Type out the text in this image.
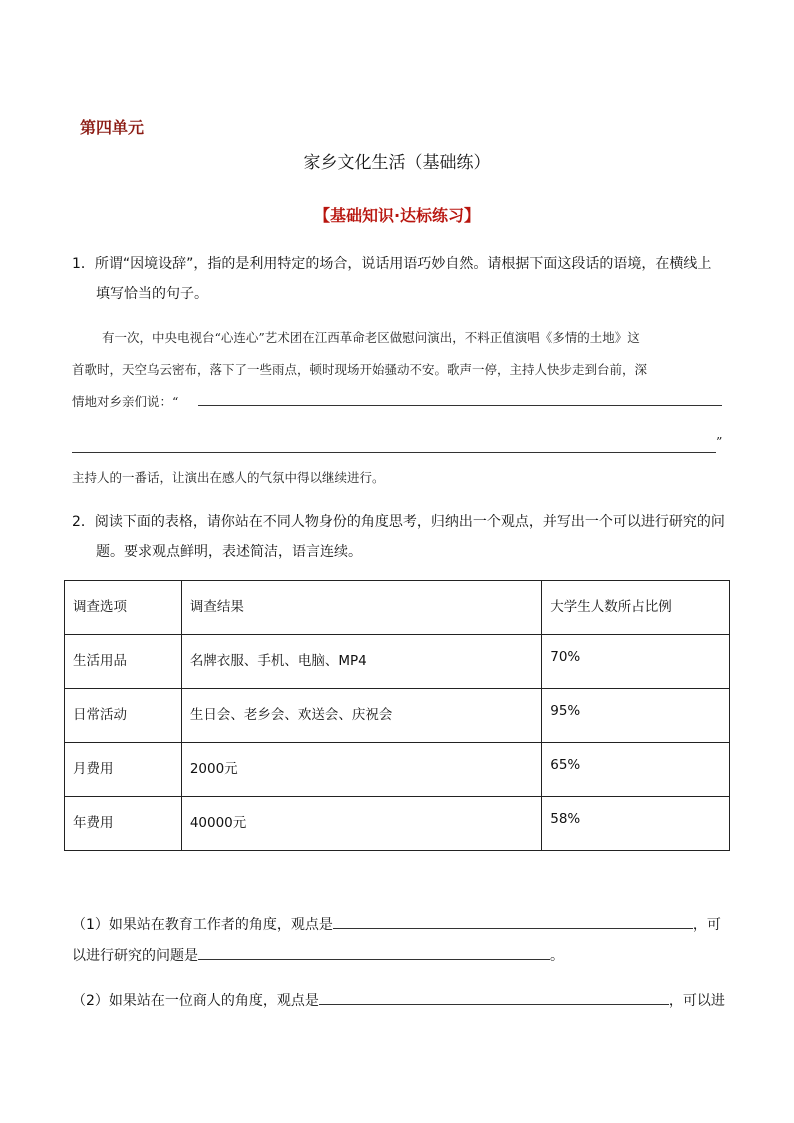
第四单元
家乡文化生活（基础练）
【基础知识·达标练习】
1．所谓“因境设辞”，指的是利用特定的场合，说话用语巧妙自然。请根据下面这段话的语境，在横线上
填写恰当的句子。
有一次，中央电视台“心连心”艺术团在江西革命老区做慰问演出，不料正值演唱《多情的土地》这
首歌时，天空乌云密布，落下了一些雨点，顿时现场开始骚动不安。歌声一停，主持人快步走到台前，深
情地对乡亲们说：“
”
主持人的一番话，让演出在感人的气氛中得以继续进行。
2．阅读下面的表格，请你站在不同人物身份的角度思考，归纳出一个观点，并写出一个可以进行研究的问
题。要求观点鲜明，表述简洁，语言连续。
调查选项	调查结果	大学生人数所占比例
生活用品	名牌衣服、手机、电脑、MP4	70%
日常活动	生日会、老乡会、欢送会、庆祝会	95%
月费用	2000元	65%
年费用	40000元	58%
（1）如果站在教育工作者的角度，观点是	，可
以进行研究的问题是	。
（2）如果站在一位商人的角度，观点是	，可以进
